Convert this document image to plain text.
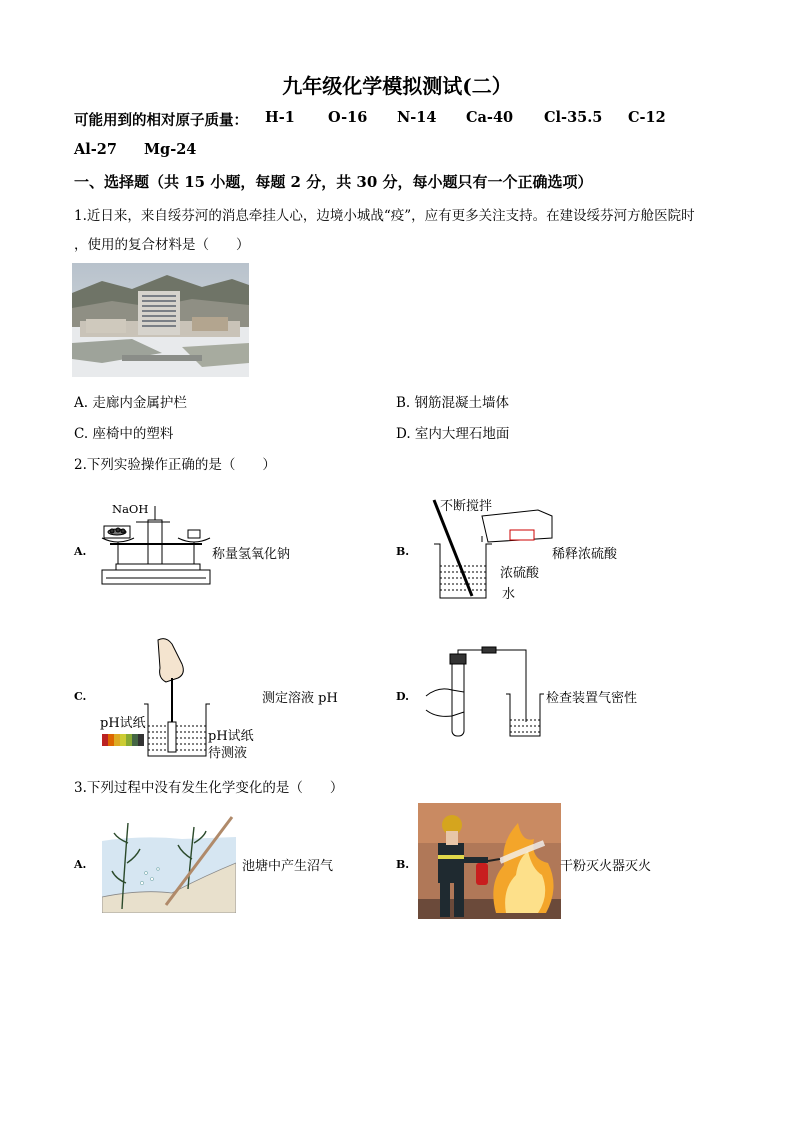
九年级化学模拟测试(二）
可能用到的相对原子质量： H-1 O-16 N-14 Ca-40 Cl-35.5 C-12
Al-27 Mg-24
一、选择题（共 15 小题，每题 2 分，共 30 分，每小题只有一个正确选项）
1.近日来，来自绥芬河的消息牵挂人心，边境小城战“疫”，应有更多关注支持。在建设绥芬河方舱医院时
，使用的复合材料是（　　）
A. 走廊内金属护栏	B. 钢筋混凝土墙体
C. 座椅中的塑料	D. 室内大理石地面
2.下列实验操作正确的是（　　）
A.
NaOH
称量氢氧化钠	B.
不断搅拌
稀释浓硫酸
浓硫酸
水
C.
pH试纸
pH试纸
待测液
测定溶液 pH	D.	检查装置气密性
3.下列过程中没有发生化学变化的是（　　）
A.	池塘中产生沼气	B.	干粉灭火器灭火
